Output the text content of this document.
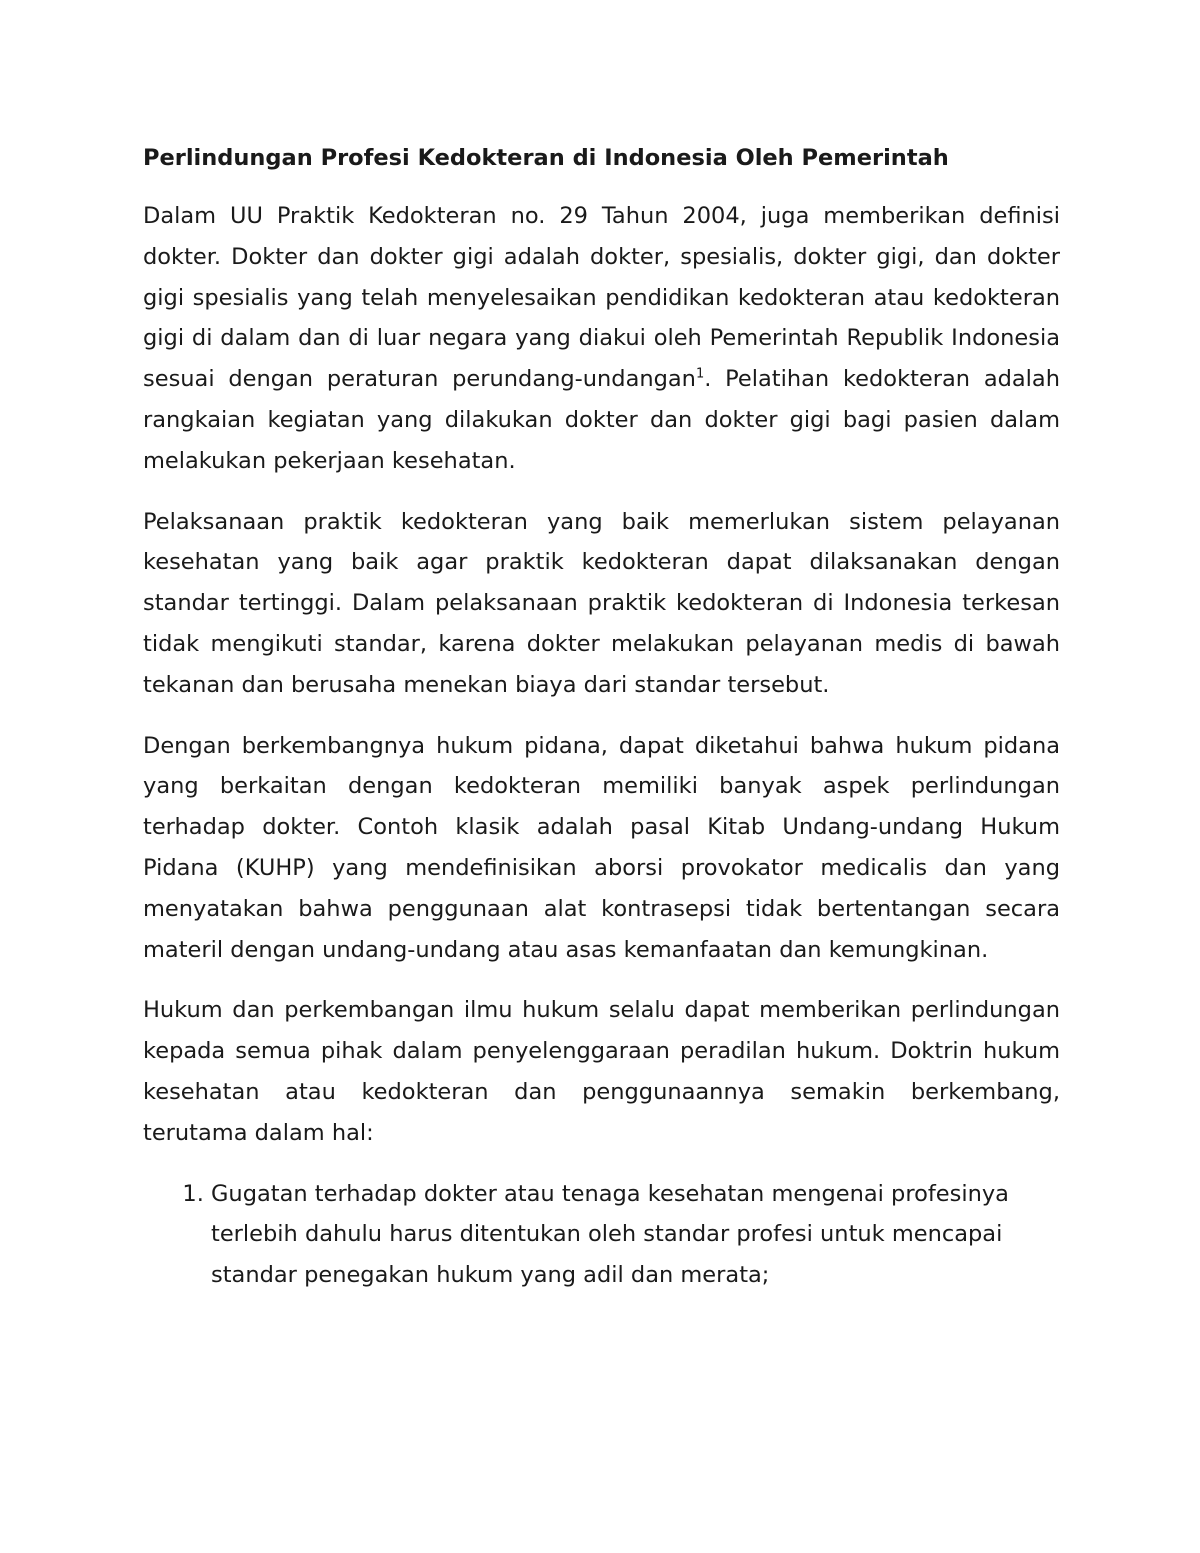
Perlindungan Profesi Kedokteran di Indonesia Oleh Pemerintah

Dalam UU Praktik Kedokteran no. 29 Tahun 2004, juga memberikan definisi dokter. Dokter dan dokter gigi adalah dokter, spesialis, dokter gigi, dan dokter gigi spesialis yang telah menyelesaikan pendidikan kedokteran atau kedokteran gigi di dalam dan di luar negara yang diakui oleh Pemerintah Republik Indonesia sesuai dengan peraturan perundang-undangan$^1$. Pelatihan kedokteran adalah rangkaian kegiatan yang dilakukan dokter dan dokter gigi bagi pasien dalam melakukan pekerjaan kesehatan.

Pelaksanaan praktik kedokteran yang baik memerlukan sistem pelayanan kesehatan yang baik agar praktik kedokteran dapat dilaksanakan dengan standar tertinggi. Dalam pelaksanaan praktik kedokteran di Indonesia terkesan tidak mengikuti standar, karena dokter melakukan pelayanan medis di bawah tekanan dan berusaha menekan biaya dari standar tersebut.

Dengan berkembangnya hukum pidana, dapat diketahui bahwa hukum pidana yang berkaitan dengan kedokteran memiliki banyak aspek perlindungan terhadap dokter. Contoh klasik adalah pasal Kitab Undang-undang Hukum Pidana (KUHP) yang mendefinisikan aborsi provokator medicalis dan yang menyatakan bahwa penggunaan alat kontrasepsi tidak bertentangan secara materil dengan undang-undang atau asas kemanfaatan dan kemungkinan.

Hukum dan perkembangan ilmu hukum selalu dapat memberikan perlindungan kepada semua pihak dalam penyelenggaraan peradilan hukum. Doktrin hukum kesehatan atau kedokteran dan penggunaannya semakin berkembang, terutama dalam hal:

1. Gugatan terhadap dokter atau tenaga kesehatan mengenai profesinya terlebih dahulu harus ditentukan oleh standar profesi untuk mencapai standar penegakan hukum yang adil dan merata;
